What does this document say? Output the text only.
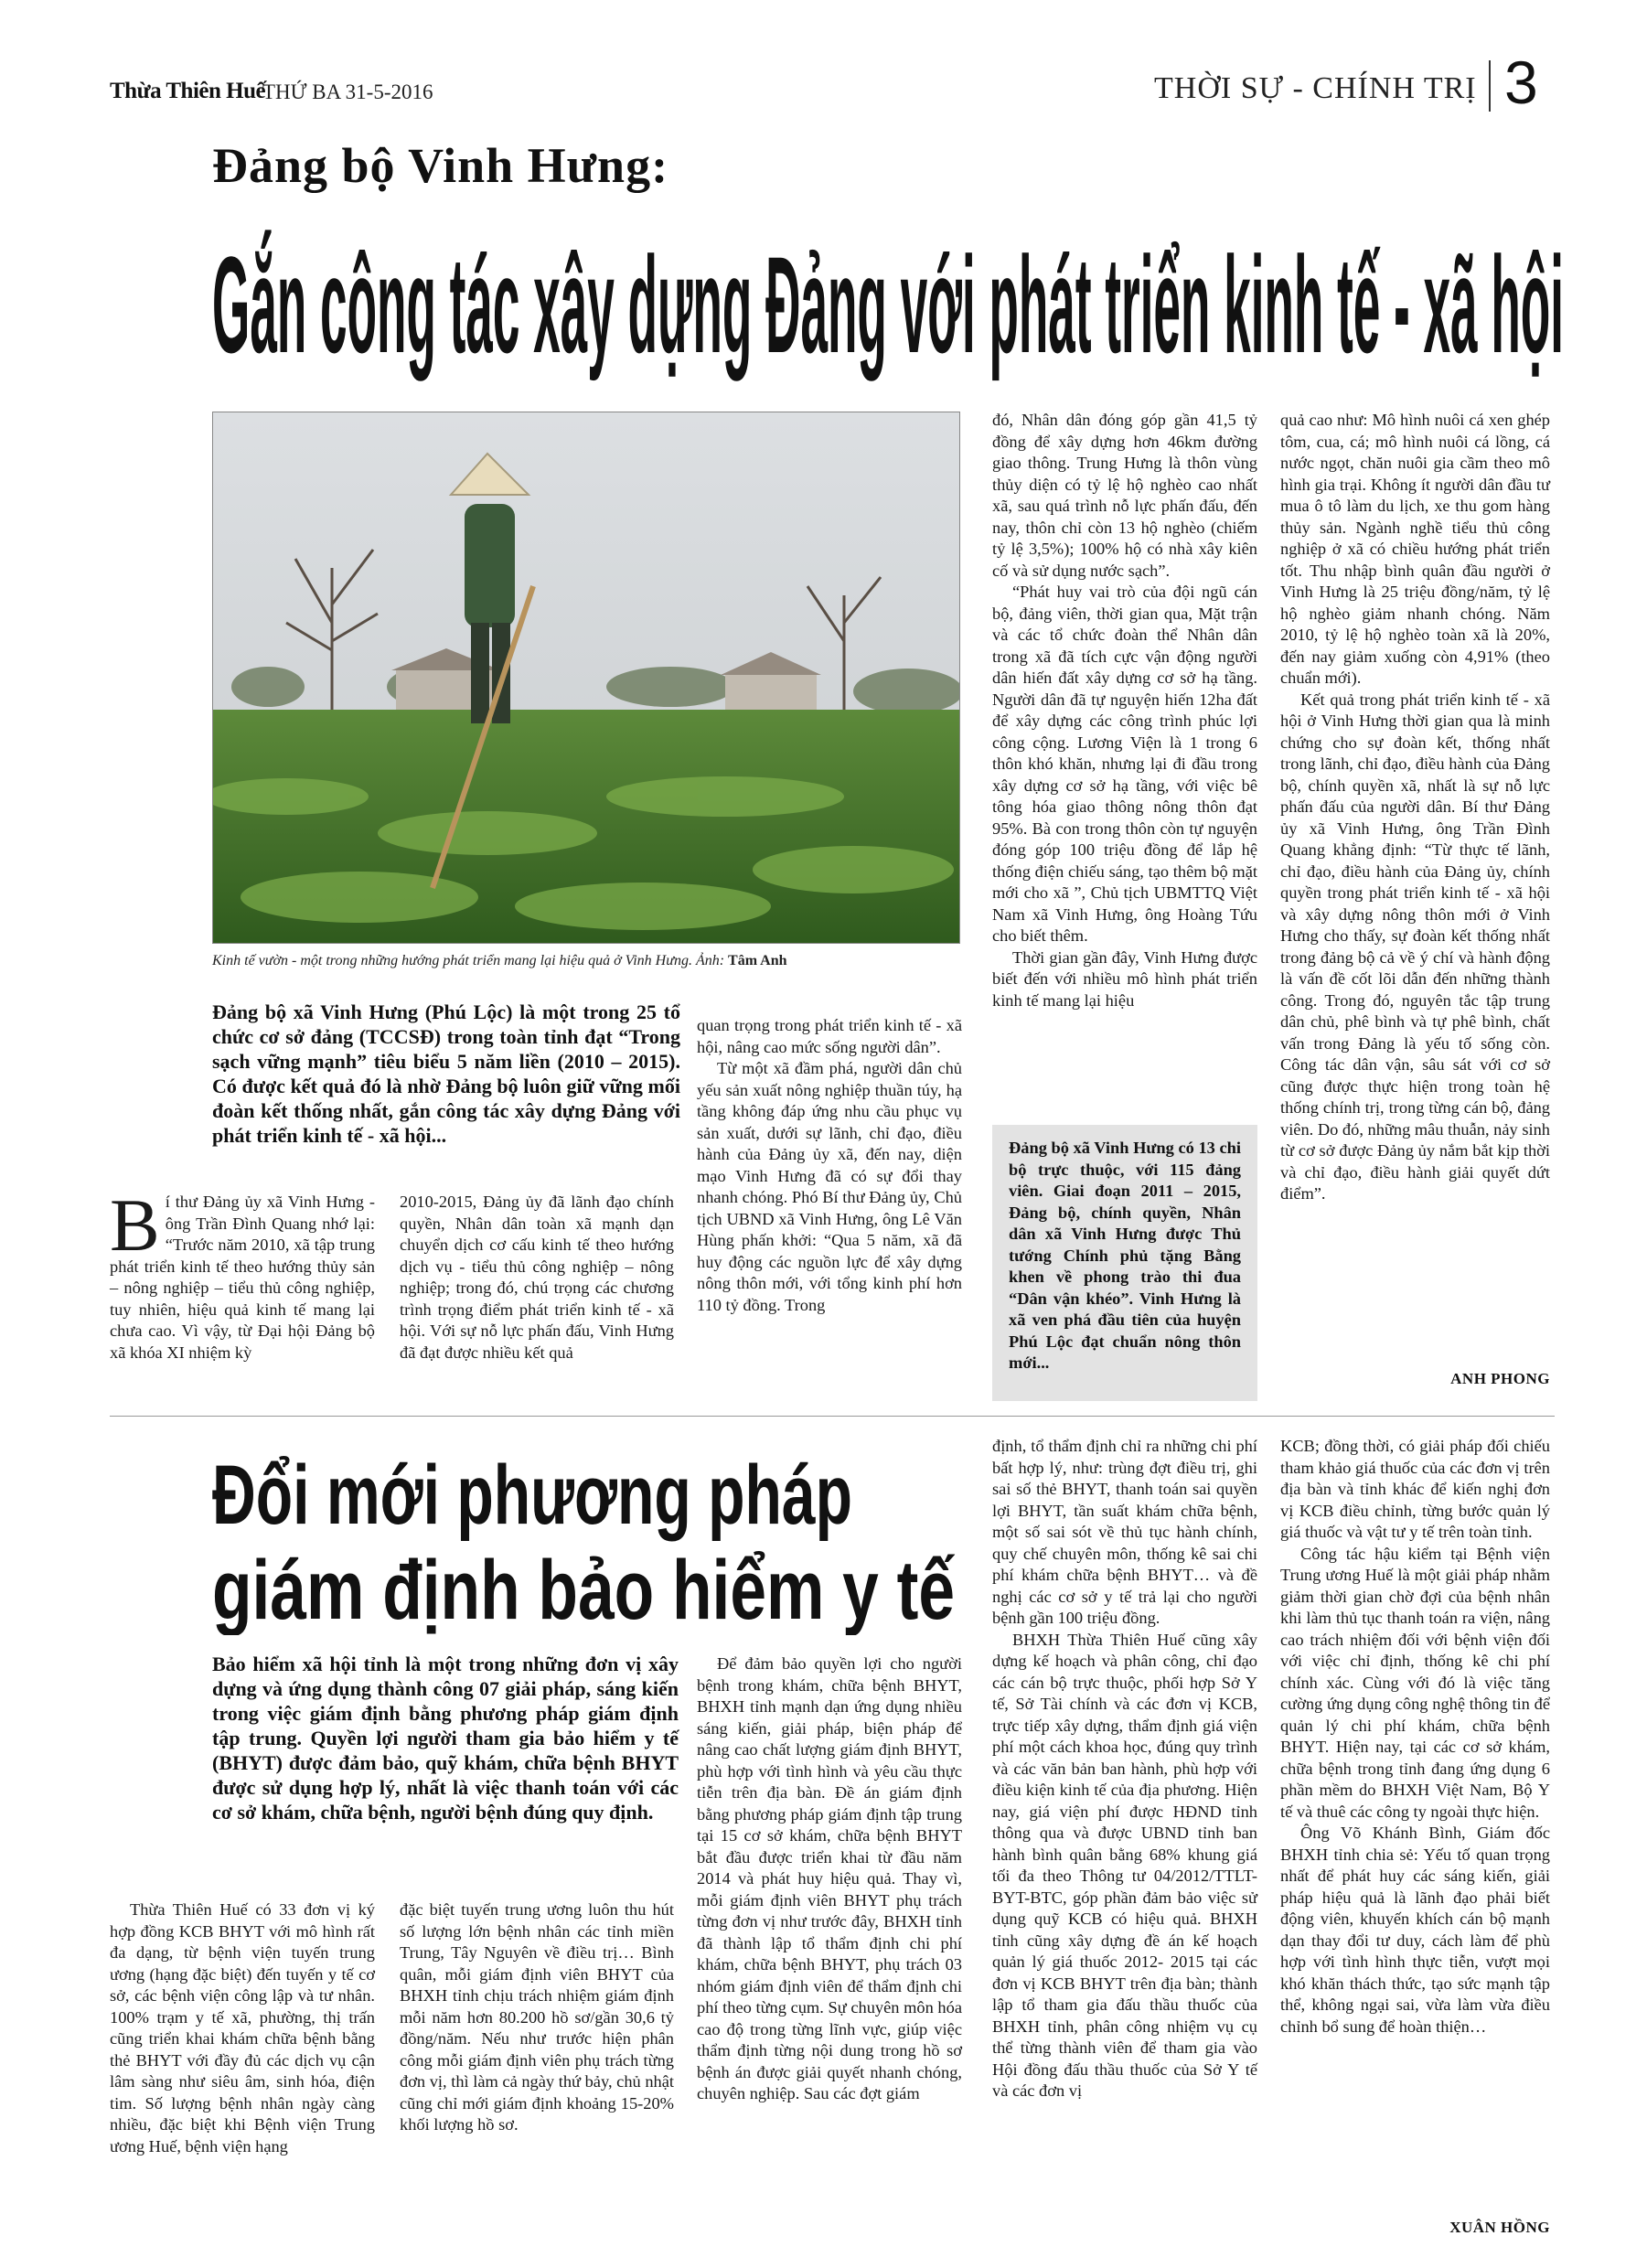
Thừa Thiên Huế
THỨ BA 31-5-2016	THỜI SỰ - CHÍNH TRỊ 3
Đảng bộ Vinh Hưng:
Gắn công tác xây dựng Đảng với phát triển kinh tế - xã hội
Kinh tế vườn - một trong những hướng phát triển mang lại hiệu quả ở Vinh Hưng. Ảnh: Tâm Anh
Đảng bộ xã Vinh Hưng (Phú Lộc) là một trong 25 tổ chức cơ sở đảng (TCCSĐ) trong toàn tỉnh đạt “Trong sạch vững mạnh” tiêu biểu 5 năm liền (2010 – 2015). Có được kết quả đó là nhờ Đảng bộ luôn giữ vững mối đoàn kết thống nhất, gắn công tác xây dựng Đảng với phát triển kinh tế - xã hội...
B í thư Đảng ủy xã Vinh Hưng - ông Trần Đình Quang nhớ lại: “Trước năm 2010, xã tập trung phát triển kinh tế theo hướng thủy sản – nông nghiệp – tiểu thủ công nghiệp, tuy nhiên, hiệu quả kinh tế mang lại chưa cao. Vì vậy, từ Đại hội Đảng bộ xã khóa XI nhiệm kỳ

2010-2015, Đảng ủy đã lãnh đạo chính quyền, Nhân dân toàn xã mạnh dạn chuyển dịch cơ cấu kinh tế theo hướng dịch vụ - tiểu thủ công nghiệp – nông nghiệp; trong đó, chú trọng các chương trình trọng điểm phát triển kinh tế - xã hội. Với sự nỗ lực phấn đấu, Vinh Hưng đã đạt được nhiều kết quả

quan trọng trong phát triển kinh tế - xã hội, nâng cao mức sống người dân”.

Từ một xã đầm phá, người dân chủ yếu sản xuất nông nghiệp thuần túy, hạ tầng không đáp ứng nhu cầu phục vụ sản xuất, dưới sự lãnh, chỉ đạo, điều hành của Đảng ủy xã, đến nay, diện mạo Vinh Hưng đã có sự đổi thay nhanh chóng. Phó Bí thư Đảng ủy, Chủ tịch UBND xã Vinh Hưng, ông Lê Văn Hùng phấn khởi: “Qua 5 năm, xã đã huy động các nguồn lực để xây dựng nông thôn mới, với tổng kinh phí hơn 110 tỷ đồng. Trong

đó, Nhân dân đóng góp gần 41,5 tỷ đồng để xây dựng hơn 46km đường giao thông. Trung Hưng là thôn vùng thủy diện có tỷ lệ hộ nghèo cao nhất xã, sau quá trình nỗ lực phấn đấu, đến nay, thôn chỉ còn 13 hộ nghèo (chiếm tỷ lệ 3,5%); 100% hộ có nhà xây kiên cố và sử dụng nước sạch”.

“Phát huy vai trò của đội ngũ cán bộ, đảng viên, thời gian qua, Mặt trận và các tổ chức đoàn thể Nhân dân trong xã đã tích cực vận động người dân hiến đất xây dựng cơ sở hạ tầng. Người dân đã tự nguyện hiến 12ha đất để xây dựng các công trình phúc lợi công cộng. Lương Viện là 1 trong 6 thôn khó khăn, nhưng lại đi đầu trong xây dựng cơ sở hạ tầng, với việc bê tông hóa giao thông nông thôn đạt 95%. Bà con trong thôn còn tự nguyện đóng góp 100 triệu đồng để lắp hệ thống điện chiếu sáng, tạo thêm bộ mặt mới cho xã ”, Chủ tịch UBMTTQ Việt Nam xã Vinh Hưng, ông Hoàng Tứu cho biết thêm.

Thời gian gần đây, Vinh Hưng được biết đến với nhiều mô hình phát triển kinh tế mang lại hiệu

Đảng bộ xã Vinh Hưng có 13 chi bộ trực thuộc, với 115 đảng viên. Giai đoạn 2011 – 2015, Đảng bộ, chính quyền, Nhân dân xã Vinh Hưng được Thủ tướng Chính phủ tặng Bằng khen về phong trào thi đua “Dân vận khéo”. Vinh Hưng là xã ven phá đầu tiên của huyện Phú Lộc đạt chuẩn nông thôn mới...

quả cao như: Mô hình nuôi cá xen ghép tôm, cua, cá; mô hình nuôi cá lồng, cá nước ngọt, chăn nuôi gia cầm theo mô hình gia trại. Không ít người dân đầu tư mua ô tô làm du lịch, xe thu gom hàng thủy sản. Ngành nghề tiểu thủ công nghiệp ở xã có chiều hướng phát triển tốt. Thu nhập bình quân đầu người ở Vinh Hưng là 25 triệu đồng/năm, tỷ lệ hộ nghèo giảm nhanh chóng. Năm 2010, tỷ lệ hộ nghèo toàn xã là 20%, đến nay giảm xuống còn 4,91% (theo chuẩn mới).

Kết quả trong phát triển kinh tế - xã hội ở Vinh Hưng thời gian qua là minh chứng cho sự đoàn kết, thống nhất trong lãnh, chỉ đạo, điều hành của Đảng bộ, chính quyền xã, nhất là sự nỗ lực phấn đấu của người dân. Bí thư Đảng ủy xã Vinh Hưng, ông Trần Đình Quang khẳng định: “Từ thực tế lãnh, chỉ đạo, điều hành của Đảng ủy, chính quyền trong phát triển kinh tế - xã hội và xây dựng nông thôn mới ở Vinh Hưng cho thấy, sự đoàn kết thống nhất trong đảng bộ cả về ý chí và hành động là vấn đề cốt lõi dẫn đến những thành công. Trong đó, nguyên tắc tập trung dân chủ, phê bình và tự phê bình, chất vấn trong Đảng là yếu tố sống còn. Công tác dân vận, sâu sát với cơ sở cũng được thực hiện trong toàn hệ thống chính trị, trong từng cán bộ, đảng viên. Do đó, những mâu thuẫn, nảy sinh từ cơ sở được Đảng ủy nắm bắt kịp thời và chỉ đạo, điều hành giải quyết dứt điểm”.

ANH PHONG
Đổi mới phương pháp
giám định bảo hiểm y tế
Bảo hiểm xã hội tỉnh là một trong những đơn vị xây dựng và ứng dụng thành công 07 giải pháp, sáng kiến trong việc giám định bằng phương pháp giám định tập trung. Quyền lợi người tham gia bảo hiểm y tế (BHYT) được đảm bảo, quỹ khám, chữa bệnh BHYT được sử dụng hợp lý, nhất là việc thanh toán với các cơ sở khám, chữa bệnh, người bệnh đúng quy định.

Thừa Thiên Huế có 33 đơn vị ký hợp đồng KCB BHYT với mô hình rất đa dạng, từ bệnh viện tuyến trung ương (hạng đặc biệt) đến tuyến y tế cơ sở, các bệnh viện công lập và tư nhân. 100% trạm y tế xã, phường, thị trấn cũng triển khai khám chữa bệnh bằng thẻ BHYT với đầy đủ các dịch vụ cận lâm sàng như siêu âm, sinh hóa, điện tim. Số lượng bệnh nhân ngày càng nhiều, đặc biệt khi Bệnh viện Trung ương Huế, bệnh viện hạng

đặc biệt tuyến trung ương luôn thu hút số lượng lớn bệnh nhân các tỉnh miền Trung, Tây Nguyên về điều trị… Bình quân, mỗi giám định viên BHYT của BHXH tỉnh chịu trách nhiệm giám định mỗi năm hơn 80.200 hồ sơ/gần 30,6 tỷ đồng/năm. Nếu như trước hiện phân công mỗi giám định viên phụ trách từng đơn vị, thì làm cả ngày thứ bảy, chủ nhật cũng chỉ mới giám định khoảng 15-20% khối lượng hồ sơ.

Để đảm bảo quyền lợi cho người bệnh trong khám, chữa bệnh BHYT, BHXH tỉnh mạnh dạn ứng dụng nhiều sáng kiến, giải pháp, biện pháp để nâng cao chất lượng giám định BHYT, phù hợp với tình hình và yêu cầu thực tiễn trên địa bàn. Đề án giám định bằng phương pháp giám định tập trung tại 15 cơ sở khám, chữa bệnh BHYT bắt đầu được triển khai từ đầu năm 2014 và phát huy hiệu quả. Thay vì, mỗi giám định viên BHYT phụ trách từng đơn vị như trước đây, BHXH tỉnh đã thành lập tổ thẩm định chi phí khám, chữa bệnh BHYT, phụ trách 03 nhóm giám định viên để thẩm định chi phí theo từng cụm. Sự chuyên môn hóa cao độ trong từng lĩnh vực, giúp việc thẩm định từng nội dung trong hồ sơ bệnh án được giải quyết nhanh chóng, chuyên nghiệp. Sau các đợt giám

định, tổ thẩm định chỉ ra những chi phí bất hợp lý, như: trùng đợt điều trị, ghi sai số thẻ BHYT, thanh toán sai quyền lợi BHYT, tần suất khám chữa bệnh, một số sai sót về thủ tục hành chính, quy chế chuyên môn, thống kê sai chi phí khám chữa bệnh BHYT… và đề nghị các cơ sở y tế trả lại cho người bệnh gần 100 triệu đồng.

BHXH Thừa Thiên Huế cũng xây dựng kế hoạch và phân công, chỉ đạo các cán bộ trực thuộc, phối hợp Sở Y tế, Sở Tài chính và các đơn vị KCB, trực tiếp xây dựng, thẩm định giá viện phí một cách khoa học, đúng quy trình và các văn bản ban hành, phù hợp với điều kiện kinh tế của địa phương. Hiện nay, giá viện phí được HĐND tỉnh thông qua và được UBND tỉnh ban hành bình quân bằng 68% khung giá tối đa theo Thông tư 04/2012/TTLT-BYT-BTC, góp phần đảm bảo việc sử dụng quỹ KCB có hiệu quả. BHXH tỉnh cũng xây dựng đề án kế hoạch quản lý giá thuốc 2012- 2015 tại các đơn vị KCB BHYT trên địa bàn; thành lập tổ tham gia đấu thầu thuốc của BHXH tỉnh, phân công nhiệm vụ cụ thể từng thành viên để tham gia vào Hội đồng đấu thầu thuốc của Sở Y tế và các đơn vị

KCB; đồng thời, có giải pháp đối chiếu tham khảo giá thuốc của các đơn vị trên địa bàn và tỉnh khác để kiến nghị đơn vị KCB điều chỉnh, từng bước quản lý giá thuốc và vật tư y tế trên toàn tỉnh.

Công tác hậu kiểm tại Bệnh viện Trung ương Huế là một giải pháp nhằm giảm thời gian chờ đợi của bệnh nhân khi làm thủ tục thanh toán ra viện, nâng cao trách nhiệm đối với bệnh viện đối với việc chỉ định, thống kê chi phí chính xác. Cùng với đó là việc tăng cường ứng dụng công nghệ thông tin để quản lý chi phí khám, chữa bệnh BHYT. Hiện nay, tại các cơ sở khám, chữa bệnh trong tỉnh đang ứng dụng 6 phần mềm do BHXH Việt Nam, Bộ Y tế và thuê các công ty ngoài thực hiện.

Ông Võ Khánh Bình, Giám đốc BHXH tỉnh chia sẻ: Yếu tố quan trọng nhất để phát huy các sáng kiến, giải pháp hiệu quả là lãnh đạo phải biết động viên, khuyến khích cán bộ mạnh dạn thay đổi tư duy, cách làm để phù hợp với tình hình thực tiễn, vượt mọi khó khăn thách thức, tạo sức mạnh tập thể, không ngại sai, vừa làm vừa điều chỉnh bổ sung để hoàn thiện…

XUÂN HỒNG
